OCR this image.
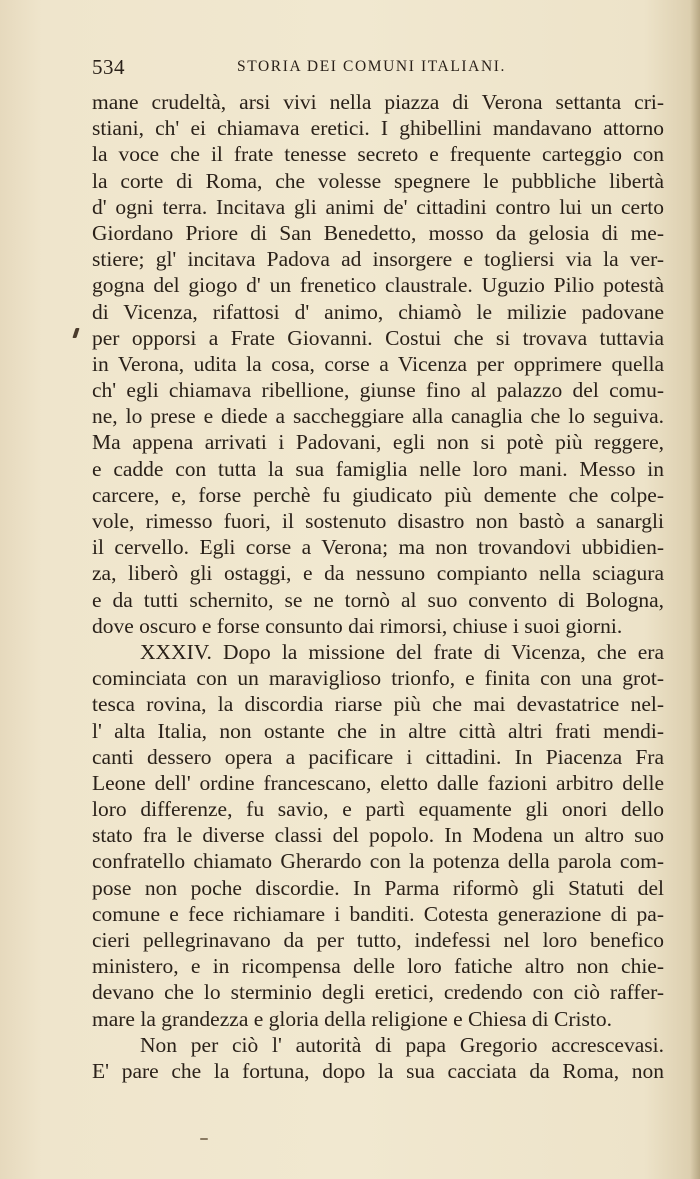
534	STORIA DEI COMUNI ITALIANI.
mane crudeltà, arsi vivi nella piazza di Verona settanta cri-
stiani, ch' ei chiamava eretici. I ghibellini mandavano attorno
la voce che il frate tenesse secreto e frequente carteggio con
la corte di Roma, che volesse spegnere le pubbliche libertà
d' ogni terra. Incitava gli animi de' cittadini contro lui un certo
Giordano Priore di San Benedetto, mosso da gelosia di me-
stiere; gl' incitava Padova ad insorgere e togliersi via la ver-
gogna del giogo d' un frenetico claustrale. Uguzio Pilio potestà
di Vicenza, rifattosi d' animo, chiamò le milizie padovane
per opporsi a Frate Giovanni. Costui che si trovava tuttavia
in Verona, udita la cosa, corse a Vicenza per opprimere quella
ch' egli chiamava ribellione, giunse fino al palazzo del comu-
ne, lo prese e diede a saccheggiare alla canaglia che lo seguiva.
Ma appena arrivati i Padovani, egli non si potè più reggere,
e cadde con tutta la sua famiglia nelle loro mani. Messo in
carcere, e, forse perchè fu giudicato più demente che colpe-
vole, rimesso fuori, il sostenuto disastro non bastò a sanargli
il cervello. Egli corse a Verona; ma non trovandovi ubbidien-
za, liberò gli ostaggi, e da nessuno compianto nella sciagura
e da tutti schernito, se ne tornò al suo convento di Bologna,
dove oscuro e forse consunto dai rimorsi, chiuse i suoi giorni.
XXXIV. Dopo la missione del frate di Vicenza, che era
cominciata con un maraviglioso trionfo, e finita con una grot-
tesca rovina, la discordia riarse più che mai devastatrice nel-
l' alta Italia, non ostante che in altre città altri frati mendi-
canti dessero opera a pacificare i cittadini. In Piacenza Fra
Leone dell' ordine francescano, eletto dalle fazioni arbitro delle
loro differenze, fu savio, e partì equamente gli onori dello
stato fra le diverse classi del popolo. In Modena un altro suo
confratello chiamato Gherardo con la potenza della parola com-
pose non poche discordie. In Parma riformò gli Statuti del
comune e fece richiamare i banditi. Cotesta generazione di pa-
cieri pellegrinavano da per tutto, indefessi nel loro benefico
ministero, e in ricompensa delle loro fatiche altro non chie-
devano che lo sterminio degli eretici, credendo con ciò raffer-
mare la grandezza e gloria della religione e Chiesa di Cristo.
Non per ciò l' autorità di papa Gregorio accrescevasi.
E' pare che la fortuna, dopo la sua cacciata da Roma, non
